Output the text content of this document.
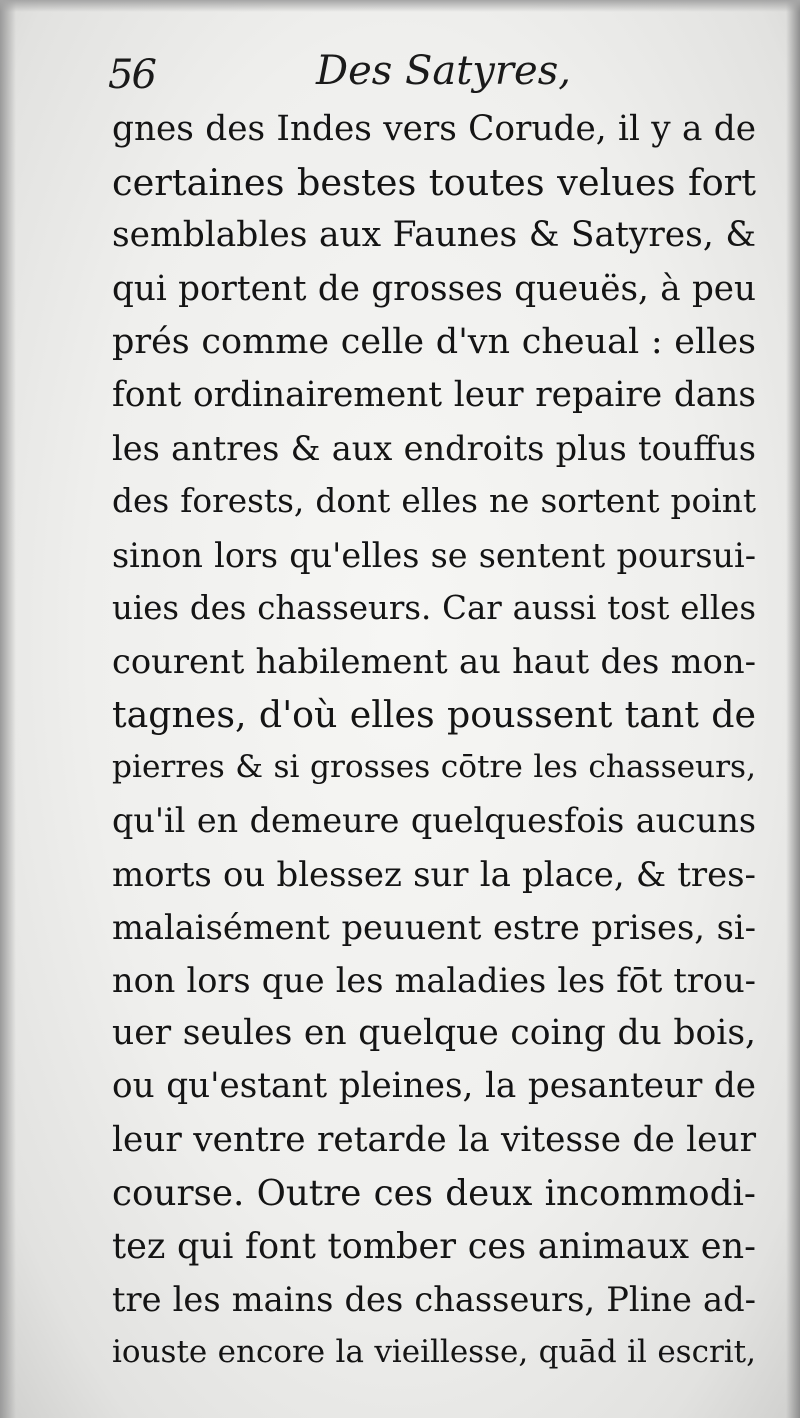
56	Des Satyres,
gnes des Indes vers Corude, il y a de
certaines bestes toutes velues fort
semblables aux Faunes & Satyres, &
qui portent de grosses queuës, à peu
prés comme celle d'vn cheual : elles
font ordinairement leur repaire dans
les antres & aux endroits plus touffus
des forests, dont elles ne sortent point
sinon lors qu'elles se sentent poursui-
uies des chasseurs. Car aussi tost elles
courent habilement au haut des mon-
tagnes, d'où elles poussent tant de
pierres & si grosses cōtre les chasseurs,
qu'il en demeure quelquesfois aucuns
morts ou blessez sur la place, & tres-
malaisément peuuent estre prises, si-
non lors que les maladies les fōt trou-
uer seules en quelque coing du bois,
ou qu'estant pleines, la pesanteur de
leur ventre retarde la vitesse de leur
course. Outre ces deux incommodi-
tez qui font tomber ces animaux en-
tre les mains des chasseurs, Pline ad-
iouste encore la vieillesse, quād il escrit,
